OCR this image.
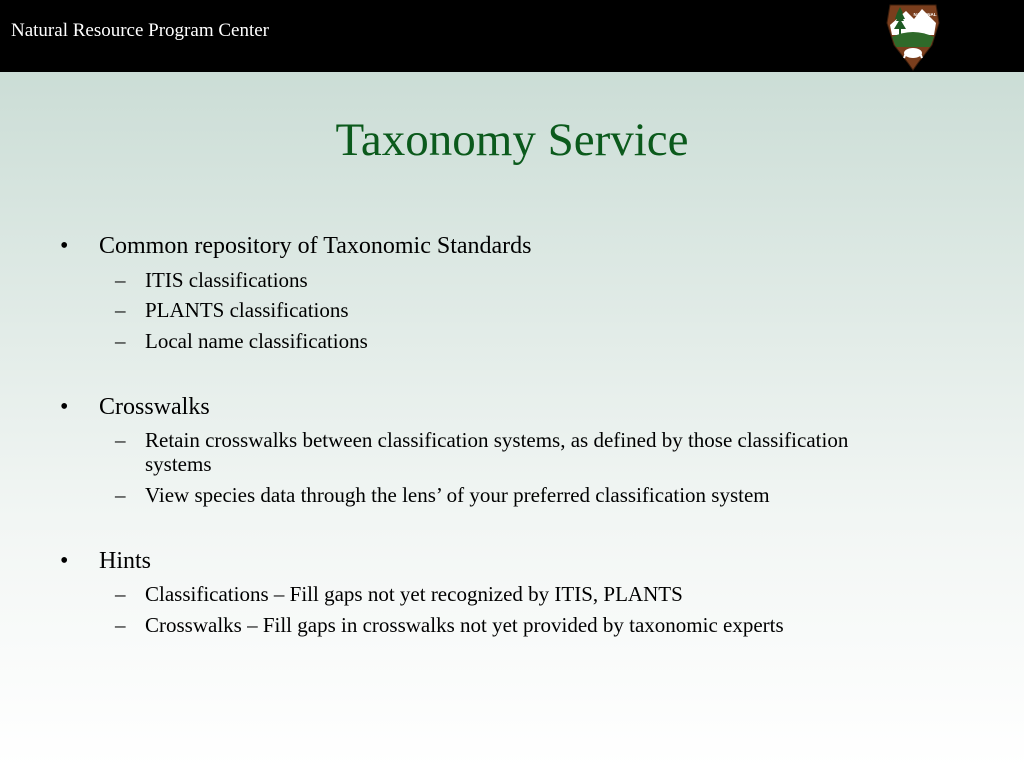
Natural Resource Program Center
NATIONAL
PARK
SERVICE
Taxonomy Service
• Common repository of Taxonomic Standards
– ITIS classifications
– PLANTS classifications
– Local name classifications
• Crosswalks
– Retain crosswalks between classification systems, as defined by those classification systems
– View species data through the lens’ of your preferred classification system
• Hints
– Classifications – Fill gaps not yet recognized by ITIS, PLANTS
– Crosswalks – Fill gaps in crosswalks not yet provided by taxonomic experts
